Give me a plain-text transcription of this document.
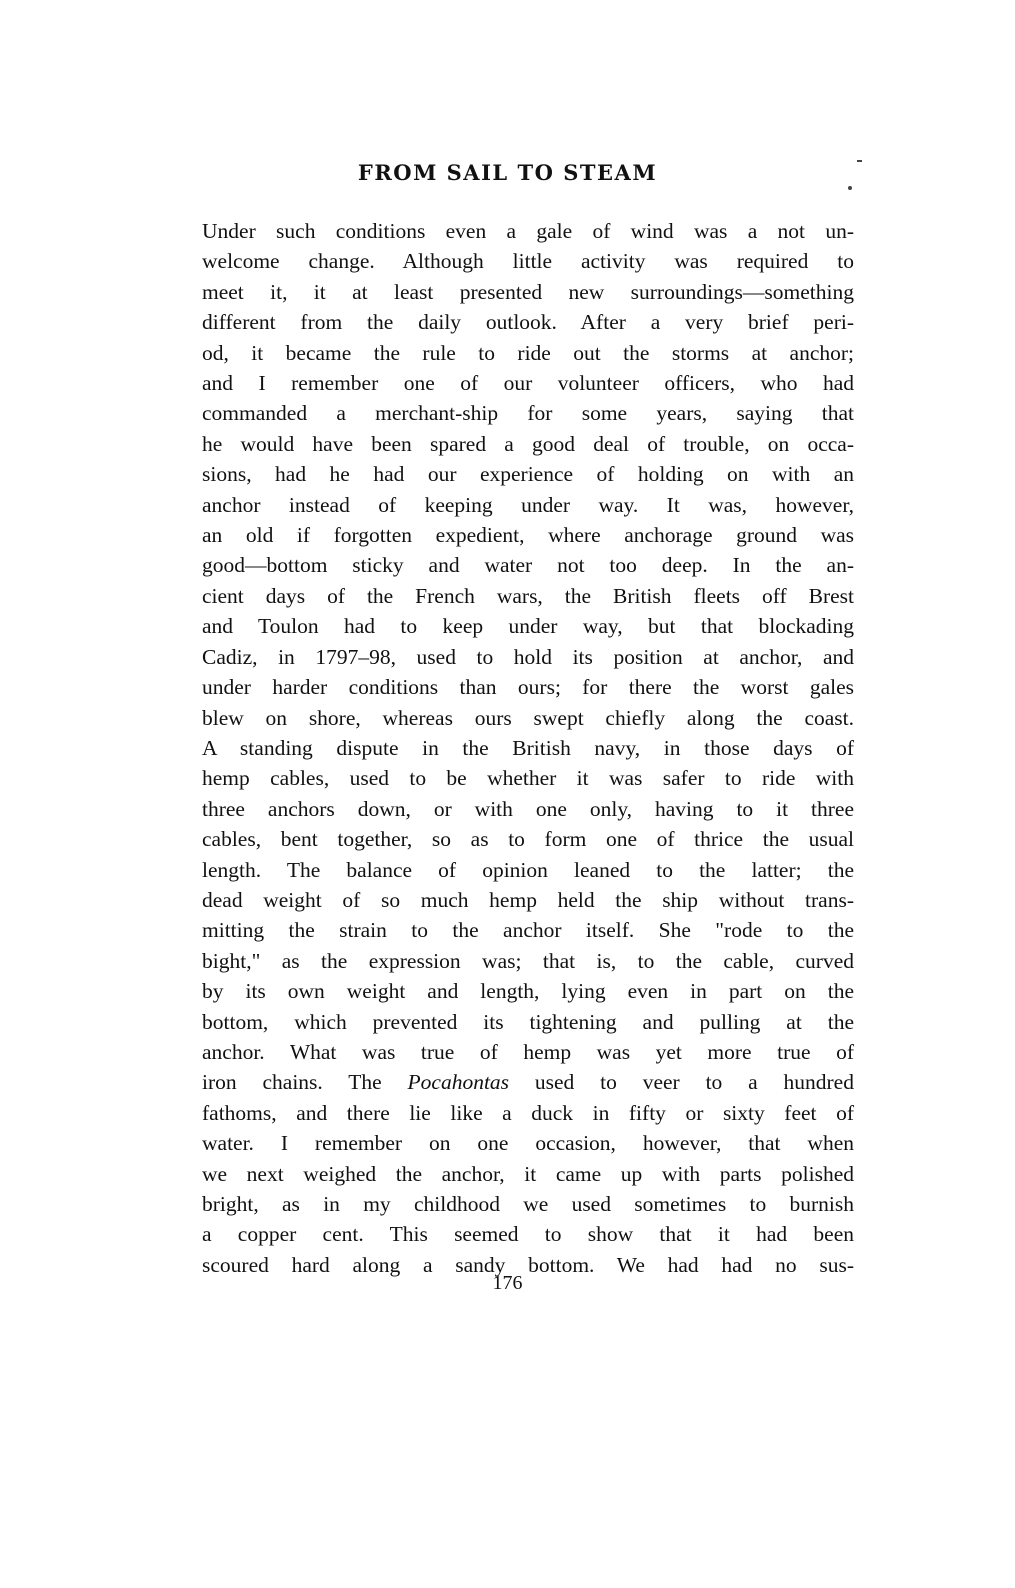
FROM SAIL TO STEAM
Under such conditions even a gale of wind was a not un-
welcome change. Although little activity was required to
meet it, it at least presented new surroundings—something
different from the daily outlook. After a very brief peri-
od, it became the rule to ride out the storms at anchor;
and I remember one of our volunteer officers, who had
commanded a merchant-ship for some years, saying that
he would have been spared a good deal of trouble, on occa-
sions, had he had our experience of holding on with an
anchor instead of keeping under way. It was, however,
an old if forgotten expedient, where anchorage ground was
good—bottom sticky and water not too deep. In the an-
cient days of the French wars, the British fleets off Brest
and Toulon had to keep under way, but that blockading
Cadiz, in 1797–98, used to hold its position at anchor, and
under harder conditions than ours; for there the worst gales
blew on shore, whereas ours swept chiefly along the coast.
A standing dispute in the British navy, in those days of
hemp cables, used to be whether it was safer to ride with
three anchors down, or with one only, having to it three
cables, bent together, so as to form one of thrice the usual
length. The balance of opinion leaned to the latter; the
dead weight of so much hemp held the ship without trans-
mitting the strain to the anchor itself. She "rode to the
bight," as the expression was; that is, to the cable, curved
by its own weight and length, lying even in part on the
bottom, which prevented its tightening and pulling at the
anchor. What was true of hemp was yet more true of
iron chains. The Pocahontas used to veer to a hundred
fathoms, and there lie like a duck in fifty or sixty feet of
water. I remember on one occasion, however, that when
we next weighed the anchor, it came up with parts polished
bright, as in my childhood we used sometimes to burnish
a copper cent. This seemed to show that it had been
scoured hard along a sandy bottom. We had had no sus-
176
